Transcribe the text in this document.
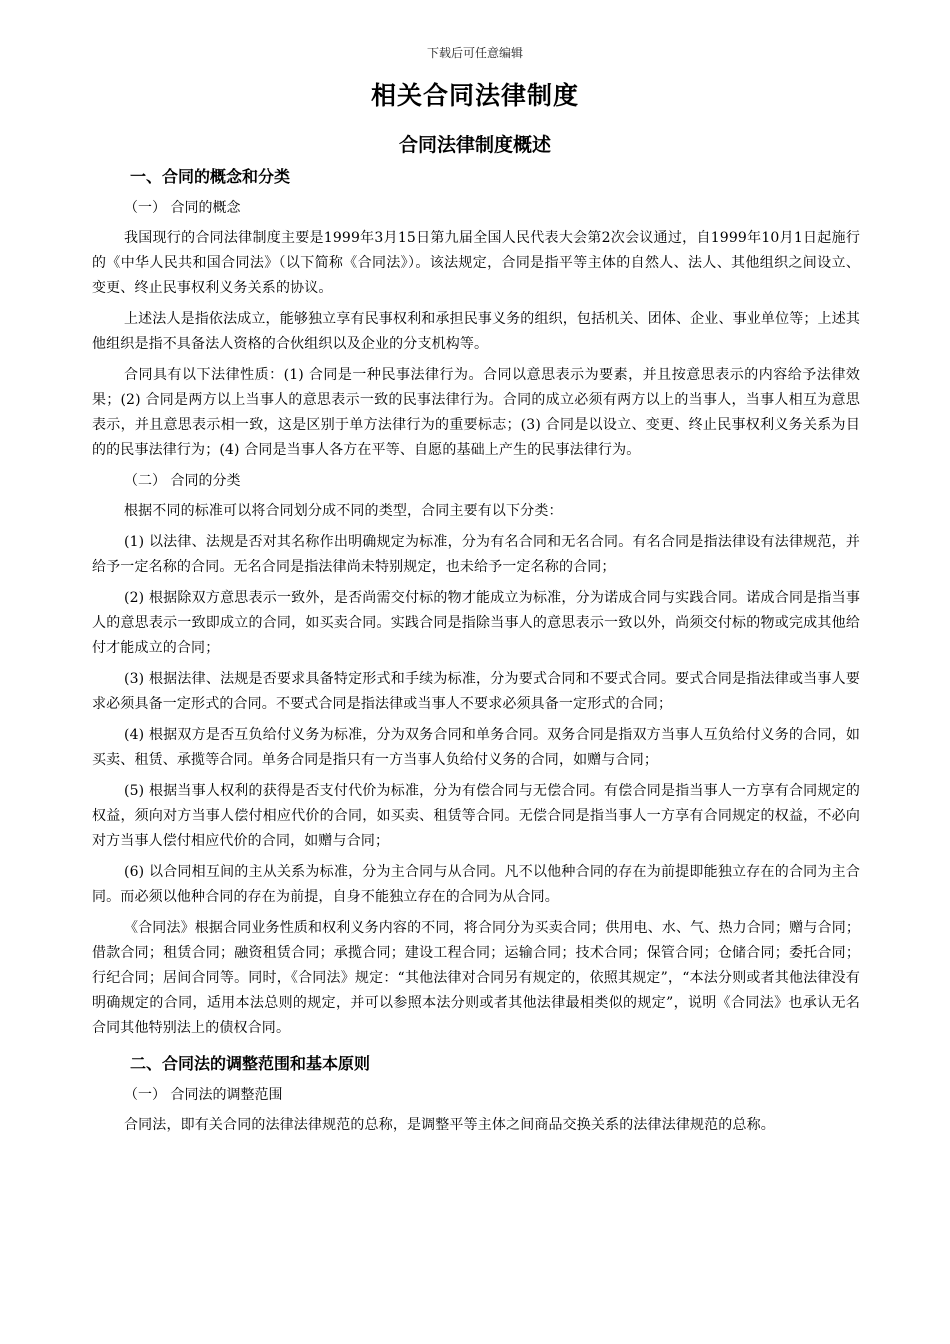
下载后可任意编辑
相关合同法律制度
合同法律制度概述
一、合同的概念和分类
（一） 合同的概念

我国现行的合同法律制度主要是1999年3月15日第九届全国人民代表大会第2次会议通过，自1999年10月1日起施行的《中华人民共和国合同法》（以下简称《合同法》）。该法规定，合同是指平等主体的自然人、法人、其他组织之间设立、变更、终止民事权利义务关系的协议。

上述法人是指依法成立，能够独立享有民事权利和承担民事义务的组织，包括机关、团体、企业、事业单位等；上述其他组织是指不具备法人资格的合伙组织以及企业的分支机构等。

合同具有以下法律性质：(1) 合同是一种民事法律行为。合同以意思表示为要素，并且按意思表示的内容给予法律效果；(2) 合同是两方以上当事人的意思表示一致的民事法律行为。合同的成立必须有两方以上的当事人，当事人相互为意思表示，并且意思表示相一致，这是区别于单方法律行为的重要标志；(3) 合同是以设立、变更、终止民事权利义务关系为目的的民事法律行为；(4) 合同是当事人各方在平等、自愿的基础上产生的民事法律行为。

（二） 合同的分类

根据不同的标准可以将合同划分成不同的类型，合同主要有以下分类：

(1) 以法律、法规是否对其名称作出明确规定为标准，分为有名合同和无名合同。有名合同是指法律设有法律规范，并给予一定名称的合同。无名合同是指法律尚未特别规定，也未给予一定名称的合同；

(2) 根据除双方意思表示一致外，是否尚需交付标的物才能成立为标准，分为诺成合同与实践合同。诺成合同是指当事人的意思表示一致即成立的合同，如买卖合同。实践合同是指除当事人的意思表示一致以外，尚须交付标的物或完成其他给付才能成立的合同；

(3) 根据法律、法规是否要求具备特定形式和手续为标准，分为要式合同和不要式合同。要式合同是指法律或当事人要求必须具备一定形式的合同。不要式合同是指法律或当事人不要求必须具备一定形式的合同；

(4) 根据双方是否互负给付义务为标准，分为双务合同和单务合同。双务合同是指双方当事人互负给付义务的合同，如买卖、租赁、承揽等合同。单务合同是指只有一方当事人负给付义务的合同，如赠与合同；

(5) 根据当事人权利的获得是否支付代价为标准，分为有偿合同与无偿合同。有偿合同是指当事人一方享有合同规定的权益，须向对方当事人偿付相应代价的合同，如买卖、租赁等合同。无偿合同是指当事人一方享有合同规定的权益，不必向对方当事人偿付相应代价的合同，如赠与合同；

(6) 以合同相互间的主从关系为标准，分为主合同与从合同。凡不以他种合同的存在为前提即能独立存在的合同为主合同。而必须以他种合同的存在为前提，自身不能独立存在的合同为从合同。

《合同法》根据合同业务性质和权利义务内容的不同，将合同分为买卖合同；供用电、水、气、热力合同；赠与合同；借款合同；租赁合同；融资租赁合同；承揽合同；建设工程合同；运输合同；技术合同；保管合同；仓储合同；委托合同；行纪合同；居间合同等。同时，《合同法》规定：“其他法律对合同另有规定的，依照其规定”，“本法分则或者其他法律没有明确规定的合同，适用本法总则的规定，并可以参照本法分则或者其他法律最相类似的规定”，说明《合同法》也承认无名合同其他特别法上的债权合同。

二、合同法的调整范围和基本原则
（一） 合同法的调整范围

合同法，即有关合同的法律法律规范的总称，是调整平等主体之间商品交换关系的法律法律规范的总称。
